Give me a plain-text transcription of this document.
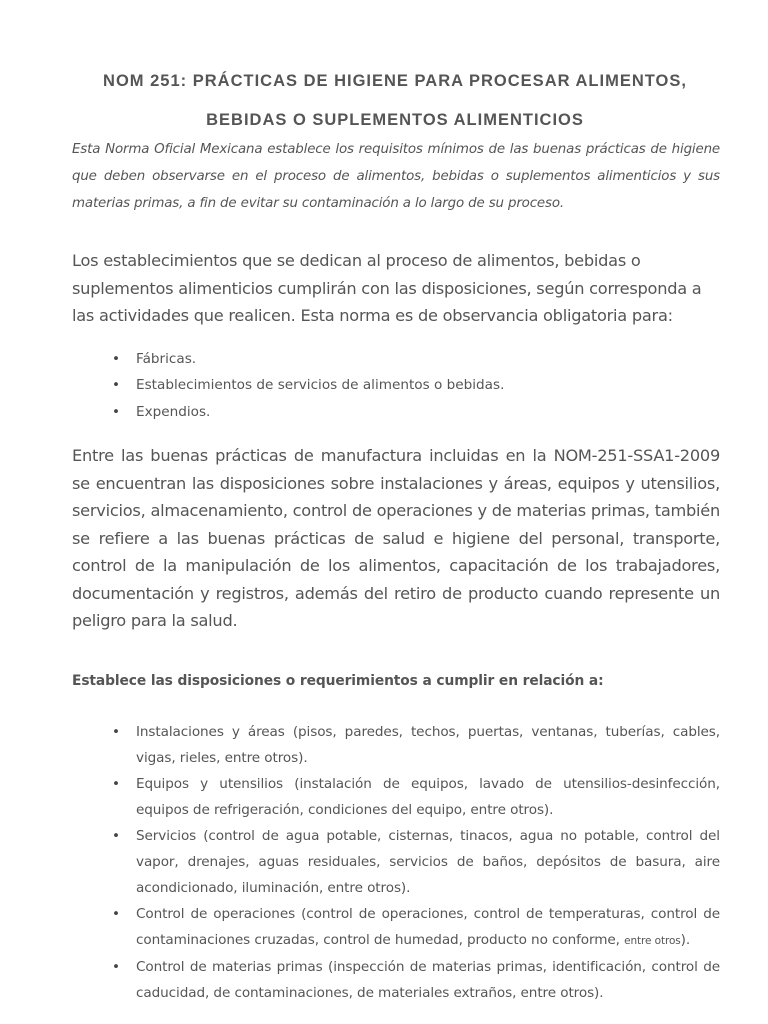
NOM 251: PRÁCTICAS DE HIGIENE PARA PROCESAR ALIMENTOS,
BEBIDAS O SUPLEMENTOS ALIMENTICIOS

Esta Norma Oficial Mexicana establece los requisitos mínimos de las buenas prácticas de higiene que deben observarse en el proceso de alimentos, bebidas o suplementos alimenticios y sus materias primas, a fin de evitar su contaminación a lo largo de su proceso.

Los establecimientos que se dedican al proceso de alimentos, bebidas o suplementos alimenticios cumplirán con las disposiciones, según corresponda a las actividades que realicen. Esta norma es de observancia obligatoria para:

• Fábricas.
• Establecimientos de servicios de alimentos o bebidas.
• Expendios.

Entre las buenas prácticas de manufactura incluidas en la NOM-251-SSA1-2009 se encuentran las disposiciones sobre instalaciones y áreas, equipos y utensilios, servicios, almacenamiento, control de operaciones y de materias primas, también se refiere a las buenas prácticas de salud e higiene del personal, transporte, control de la manipulación de los alimentos, capacitación de los trabajadores, documentación y registros, además del retiro de producto cuando represente un peligro para la salud.

Establece las disposiciones o requerimientos a cumplir en relación a:

• Instalaciones y áreas (pisos, paredes, techos, puertas, ventanas, tuberías, cables, vigas, rieles, entre otros).
• Equipos y utensilios (instalación de equipos, lavado de utensilios-desinfección, equipos de refrigeración, condiciones del equipo, entre otros).
• Servicios (control de agua potable, cisternas, tinacos, agua no potable, control del vapor, drenajes, aguas residuales, servicios de baños, depósitos de basura, aire acondicionado, iluminación, entre otros).
• Control de operaciones (control de operaciones, control de temperaturas, control de contaminaciones cruzadas, control de humedad, producto no conforme, entre otros).
• Control de materias primas (inspección de materias primas, identificación, control de caducidad, de contaminaciones, de materiales extraños, entre otros).
